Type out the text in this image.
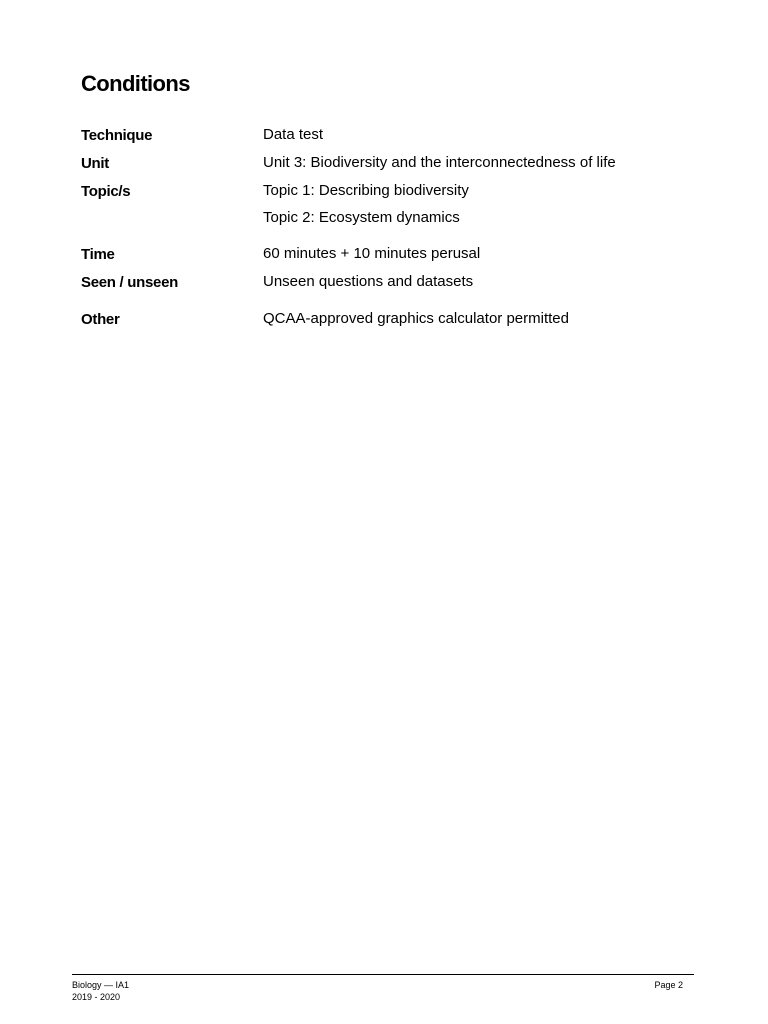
Conditions
Technique	Data test
Unit	Unit 3: Biodiversity and the interconnectedness of life
Topic/s	Topic 1: Describing biodiversity
Topic 2: Ecosystem dynamics
Time	60 minutes + 10 minutes perusal
Seen / unseen	Unseen questions and datasets
Other	QCAA-approved graphics calculator permitted
Biology — IA1
2019 - 2020
Page 2
